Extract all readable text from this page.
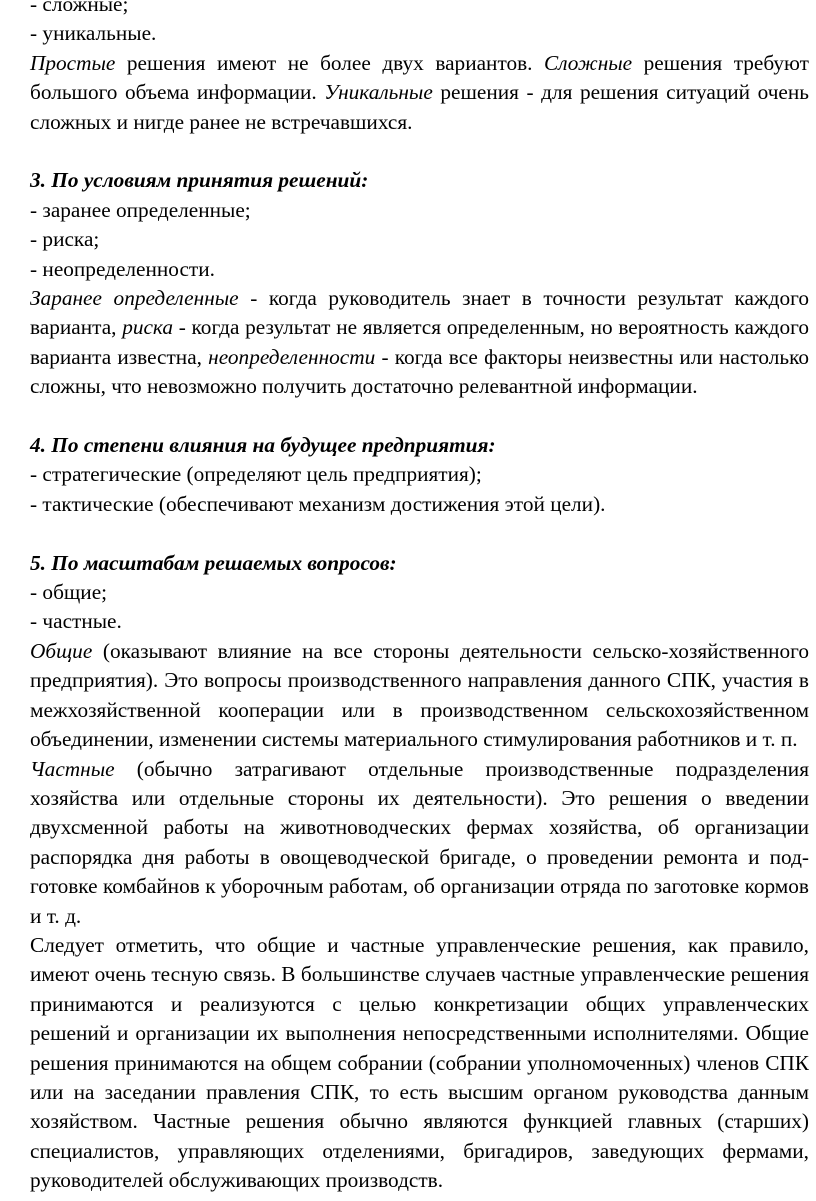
- сложные;

- уникальные.

Простые решения имеют не более двух вариантов. Сложные решения требуют большого объема информации. Уникальные решения - для решения ситуаций очень сложных и нигде ранее не встречавшихся.

3. По условиям принятия решений:

- заранее определенные;

- риска;

- неопределенности.

Заранее определенные - когда руководитель знает в точности результат каждого варианта, риска - когда результат не является определенным, но вероятность каждого варианта известна, неопределенности - когда все факторы неизвестны или настолько сложны, что невозможно получить достаточно релевантной информации.

4. По степени влияния на будущее предприятия:

- стратегические (определяют цель предприятия);

- тактические (обеспечивают механизм достижения этой цели).

5. По масштабам решаемых вопросов:

- общие;

- частные.

Общие (оказывают влияние на все стороны деятельности сельско-хозяйственного предприятия). Это вопросы производственного направления данного СПК, участия в межхозяйственной кооперации или в производственном сельскохозяйственном объединении, изменении системы материального стимулирования работников и т. п.

Частные (обычно затрагивают отдельные производственные подразделения хозяйства или отдельные стороны их деятельности). Это решения о введении двухсменной работы на животноводческих фермах хозяйства, об организации распорядка дня работы в овощеводческой бригаде, о проведении ремонта и под-готовке комбайнов к уборочным работам, об организации отряда по заготовке кормов и т. д.

Следует отметить, что общие и частные управленческие решения, как правило, имеют очень тесную связь. В большинстве случаев частные управленческие решения принимаются и реализуются с целью конкретизации общих управленческих решений и организации их выполнения непосредственными исполнителями. Общие решения принимаются на общем собрании (собрании уполномоченных) членов СПК или на заседании правления СПК, то есть высшим органом руководства данным хозяйством. Частные решения обычно являются функцией главных (старших) специалистов, управляющих отделениями, бригадиров, заведующих фермами, руководителей обслуживающих производств.
